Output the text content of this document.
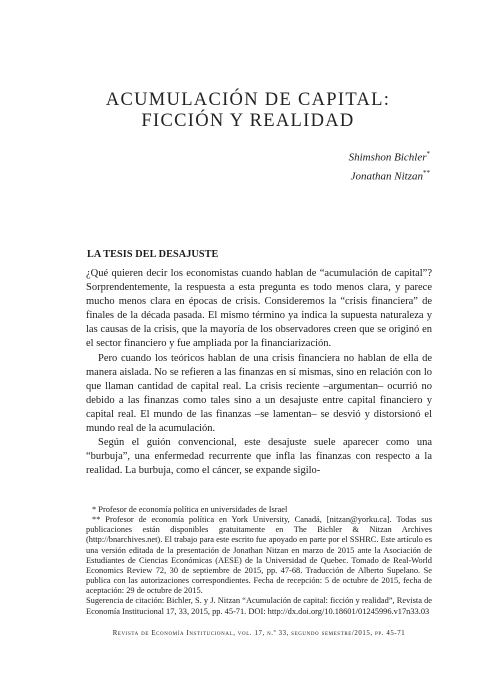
ACUMULACIÓN DE CAPITAL:
FICCIÓN Y REALIDAD
Shimshon Bichler*
Jonathan Nitzan**
LA TESIS DEL DESAJUSTE

¿Qué quieren decir los economistas cuando hablan de “acumulación de capital”? Sorprendentemente, la respuesta a esta pregunta es todo menos clara, y parece mucho menos clara en épocas de crisis. Consideremos la “crisis financiera” de finales de la década pasada. El mismo término ya indica la supuesta naturaleza y las causas de la crisis, que la mayoría de los observadores creen que se originó en el sector financiero y fue ampliada por la financiarización.

Pero cuando los teóricos hablan de una crisis financiera no hablan de ella de manera aislada. No se refieren a las finanzas en sí mismas, sino en relación con lo que llaman cantidad de capital real. La crisis reciente –argumentan– ocurrió no debido a las finanzas como tales sino a un desajuste entre capital financiero y capital real. El mundo de las finanzas –se lamentan– se desvió y distorsionó el mundo real de la acumulación.

Según el guión convencional, este desajuste suele aparecer como una “burbuja”, una enfermedad recurrente que infla las finanzas con respecto a la realidad. La burbuja, como el cáncer, se expande sigilo-

* Profesor de economía política en universidades de Israel

** Profesor de economía política en York University, Canadá, [nitzan@yorku.ca]. Todas sus publicaciones están disponibles gratuitamente en The Bichler & Nitzan Archives (http://bnarchives.net). El trabajo para este escrito fue apoyado en parte por el SSHRC. Este artículo es una versión editada de la presentación de Jonathan Nitzan en marzo de 2015 ante la Asociación de Estudiantes de Ciencias Económicas (AESE) de la Universidad de Quebec. Tomado de Real-World Economics Review 72, 30 de septiembre de 2015, pp. 47-68. Traducción de Alberto Supelano. Se publica con las autorizaciones correspondientes. Fecha de recepción: 5 de octubre de 2015, fecha de aceptación: 29 de octubre de 2015.

Sugerencia de citación: Bichler, S. y J. Nitzan “Acumulación de capital: ficción y realidad”, Revista de Economía Institucional 17, 33, 2015, pp. 45-71. DOI: http://dx.doi.org/10.18601/01245996.v17n33.03

Revista de Economía Institucional, vol. 17, n.º 33, segundo semestre/2015, pp. 45-71
